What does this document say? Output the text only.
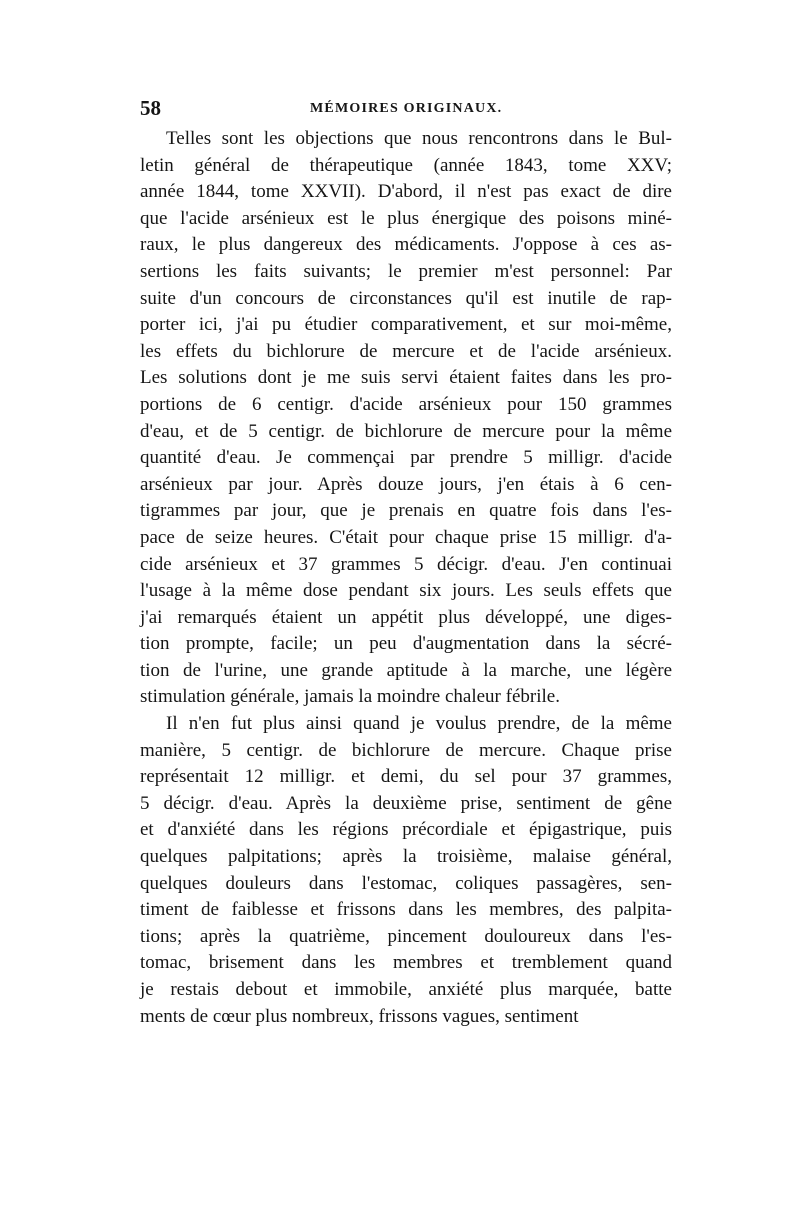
58	MÉMOIRES ORIGINAUX.
Telles sont les objections que nous rencontrons dans le Bul-
letin général de thérapeutique (année 1843, tome XXV;
année 1844, tome XXVII). D'abord, il n'est pas exact de dire
que l'acide arsénieux est le plus énergique des poisons miné-
raux, le plus dangereux des médicaments. J'oppose à ces as-
sertions les faits suivants; le premier m'est personnel: Par
suite d'un concours de circonstances qu'il est inutile de rap-
porter ici, j'ai pu étudier comparativement, et sur moi-même,
les effets du bichlorure de mercure et de l'acide arsénieux.
Les solutions dont je me suis servi étaient faites dans les pro-
portions de 6 centigr. d'acide arsénieux pour 150 grammes
d'eau, et de 5 centigr. de bichlorure de mercure pour la même
quantité d'eau. Je commençai par prendre 5 milligr. d'acide
arsénieux par jour. Après douze jours, j'en étais à 6 cen-
tigrammes par jour, que je prenais en quatre fois dans l'es-
pace de seize heures. C'était pour chaque prise 15 milligr. d'a-
cide arsénieux et 37 grammes 5 décigr. d'eau. J'en continuai
l'usage à la même dose pendant six jours. Les seuls effets que
j'ai remarqués étaient un appétit plus développé, une diges-
tion prompte, facile; un peu d'augmentation dans la sécré-
tion de l'urine, une grande aptitude à la marche, une légère
stimulation générale, jamais la moindre chaleur fébrile.
Il n'en fut plus ainsi quand je voulus prendre, de la même
manière, 5 centigr. de bichlorure de mercure. Chaque prise
représentait 12 milligr. et demi, du sel pour 37 grammes,
5 décigr. d'eau. Après la deuxième prise, sentiment de gêne
et d'anxiété dans les régions précordiale et épigastrique, puis
quelques palpitations; après la troisième, malaise général,
quelques douleurs dans l'estomac, coliques passagères, sen-
timent de faiblesse et frissons dans les membres, des palpita-
tions; après la quatrième, pincement douloureux dans l'es-
tomac, brisement dans les membres et tremblement quand
je restais debout et immobile, anxiété plus marquée, batte
ments de cœur plus nombreux, frissons vagues, sentiment
